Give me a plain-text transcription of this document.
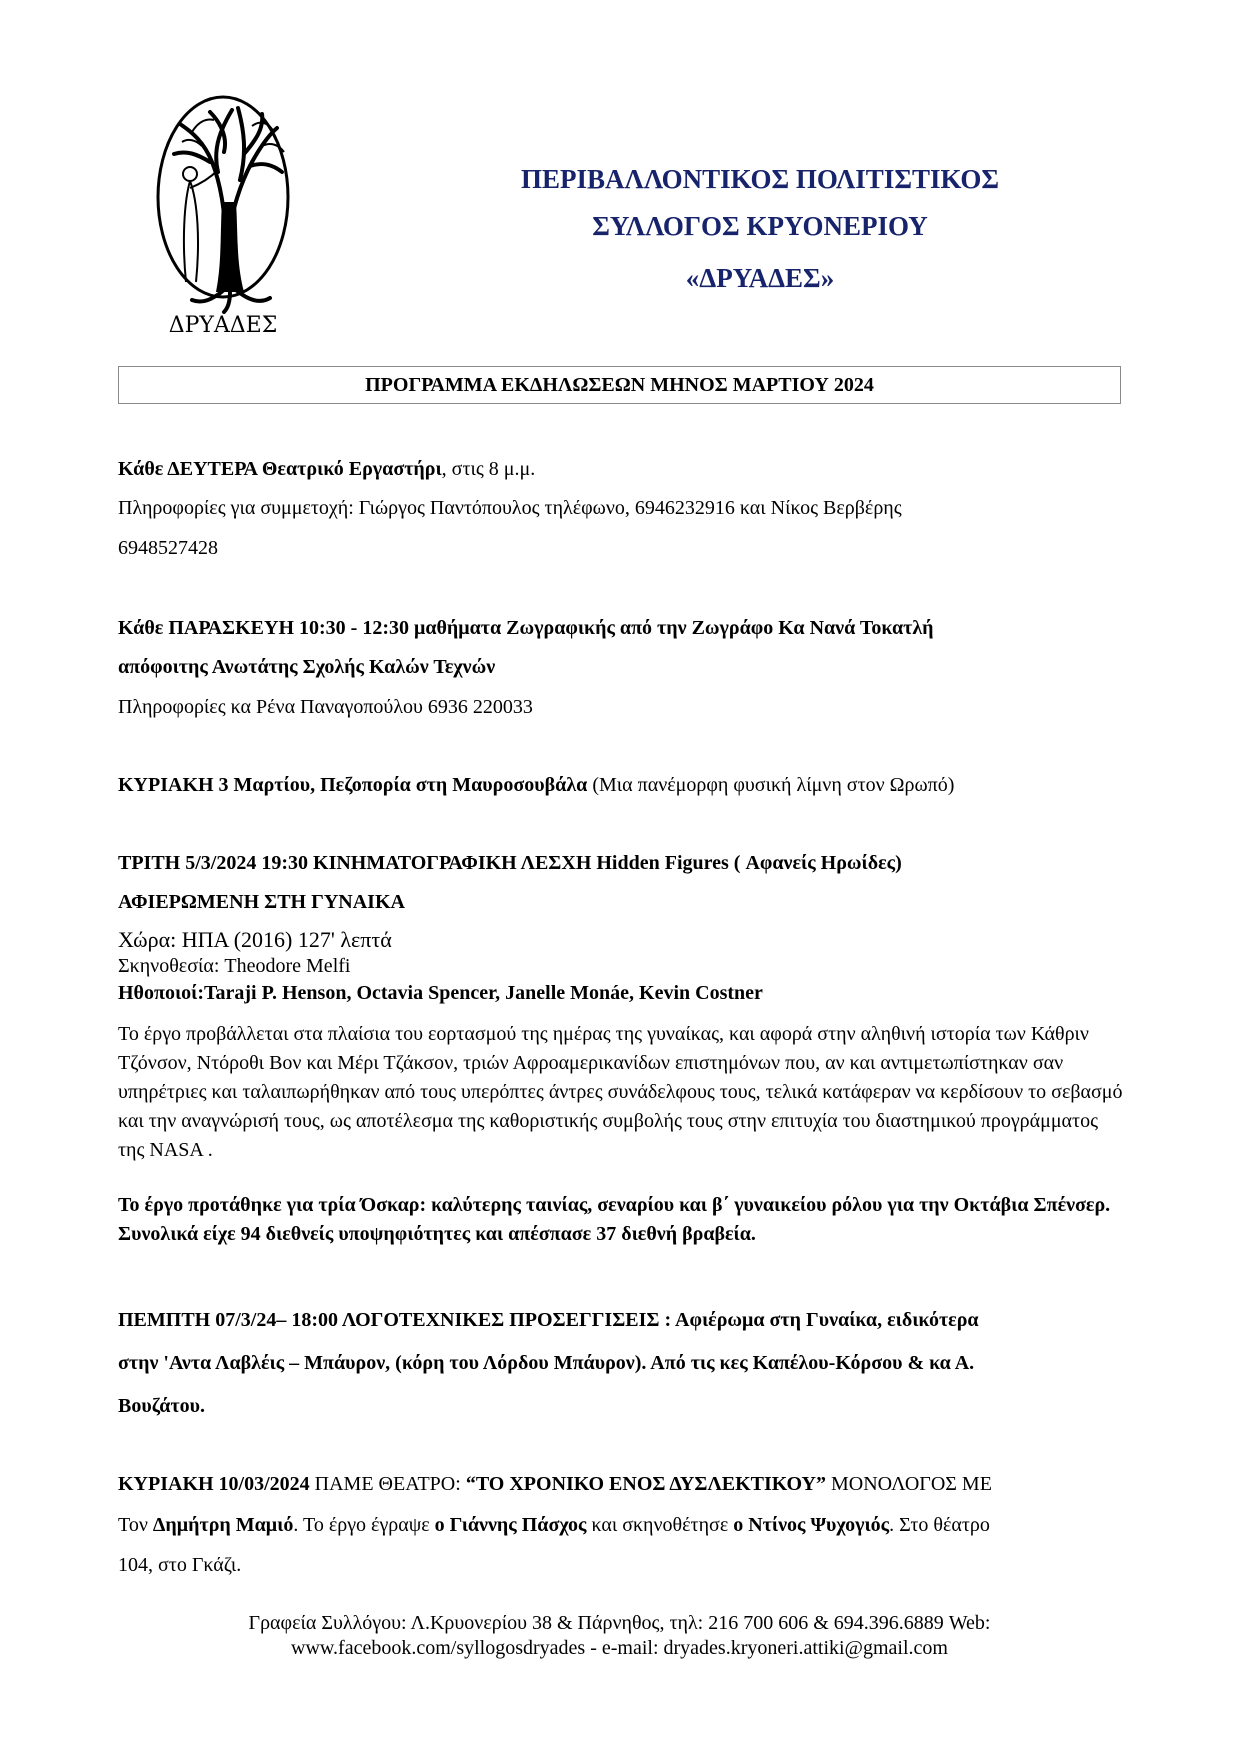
ΔΡΥΑΔΕΣ
ΠΕΡΙΒΑΛΛΟΝΤΙΚΟΣ ΠΟΛΙΤΙΣΤΙΚΟΣ
ΣΥΛΛΟΓΟΣ ΚΡΥΟΝΕΡΙΟΥ
«ΔΡΥΑΔΕΣ»
ΠΡΟΓΡΑΜΜΑ ΕΚΔΗΛΩΣΕΩΝ ΜΗΝΟΣ ΜΑΡΤΙΟΥ 2024
Κάθε ΔΕΥΤΕΡΑ Θεατρικό Εργαστήρι, στις 8 μ.μ.
Πληροφορίες για συμμετοχή: Γιώργος Παντόπουλος τηλέφωνο, 6946232916 και Νίκος Βερβέρης
6948527428
Κάθε ΠΑΡΑΣΚΕΥΗ 10:30 - 12:30 μαθήματα Ζωγραφικής από την Ζωγράφο Κα Νανά Τοκατλή
απόφοιτης Ανωτάτης Σχολής Καλών Τεχνών
Πληροφορίες κα Ρένα Παναγοπούλου 6936 220033
ΚΥΡΙΑΚΗ 3 Μαρτίου, Πεζοπορία στη Μαυροσουβάλα (Μια πανέμορφη φυσική λίμνη στον Ωρωπό)
ΤΡΙΤΗ 5/3/2024 19:30 ΚΙΝΗΜΑΤΟΓΡΑΦΙΚΗ ΛΕΣΧΗ Hidden Figures ( Αφανείς Ηρωίδες)
ΑΦΙΕΡΩΜΕΝΗ ΣΤΗ ΓΥΝΑΙΚΑ
Χώρα: ΗΠΑ (2016) 127' λεπτά
Σκηνοθεσία: Theodore Melfi
Ηθοποιοί:Taraji P. Henson, Octavia Spencer, Janelle Monáe, Kevin Costner
Το έργο προβάλλεται στα πλαίσια του εορτασμού της ημέρας της γυναίκας, και αφορά στην αληθινή ιστορία των Κάθριν Τζόνσον, Ντόροθι Βον και Μέρι Τζάκσον, τριών Αφροαμερικανίδων επιστημόνων που, αν και αντιμετωπίστηκαν σαν υπηρέτριες και ταλαιπωρήθηκαν από τους υπερόπτες άντρες συνάδελφους τους, τελικά κατάφεραν να κερδίσουν το σεβασμό και την αναγνώρισή τους, ως αποτέλεσμα της καθοριστικής συμβολής τους στην επιτυχία του διαστημικού προγράμματος της NASA .
Το έργο προτάθηκε για τρία Όσκαρ: καλύτερης ταινίας, σεναρίου και β΄ γυναικείου ρόλου για την Οκτάβια Σπένσερ. Συνολικά είχε 94 διεθνείς υποψηφιότητες και απέσπασε 37 διεθνή βραβεία.
ΠΕΜΠΤΗ 07/3/24– 18:00 ΛΟΓΟΤΕΧΝΙΚΕΣ ΠΡΟΣΕΓΓΙΣΕΙΣ : Αφιέρωμα στη Γυναίκα, ειδικότερα
στην 'Αντα Λαβλέις – Μπάυρον, (κόρη του Λόρδου Μπάυρον). Από τις κες Καπέλου-Κόρσου & κα Α.
Βουζάτου.
ΚΥΡΙΑΚΗ 10/03/2024 ΠΑΜΕ ΘΕΑΤΡΟ: “ΤΟ ΧΡΟΝΙΚΟ ΕΝΟΣ ΔΥΣΛΕΚΤΙΚΟΥ” ΜΟΝΟΛΟΓΟΣ ΜΕ
Τον Δημήτρη Μαμιό. Το έργο έγραψε ο Γιάννης Πάσχος και σκηνοθέτησε ο Ντίνος Ψυχογιός. Στο θέατρο
104, στο Γκάζι.
Γραφεία Συλλόγου: Λ.Κρυονερίου 38 & Πάρνηθος, τηλ: 216 700 606 & 694.396.6889 Web:
www.facebook.com/syllogosdryades - e-mail: dryades.kryoneri.attiki@gmail.com
